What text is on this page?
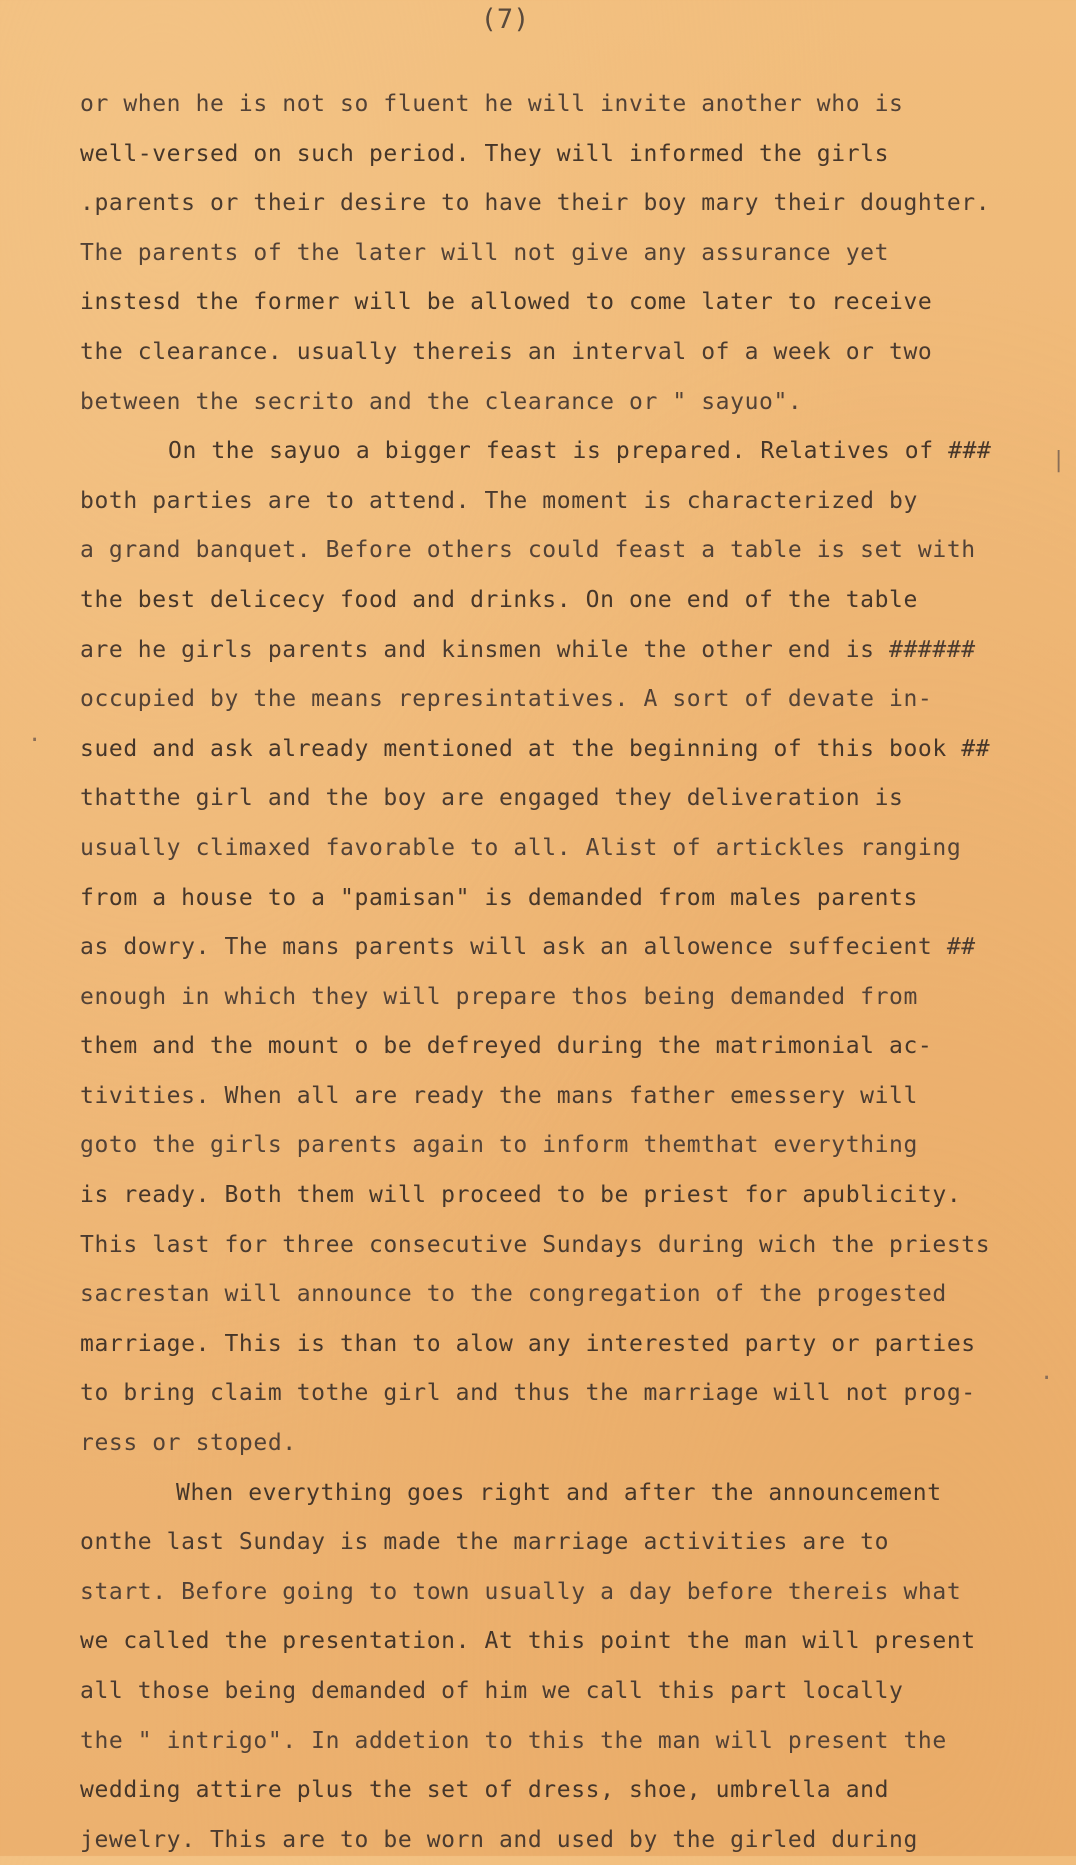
(7)
or when he is not so fluent he will invite another who is
well-versed on such period. They will informed the girls
.parents or their desire to have their boy mary their doughter.
The parents of the later will not give any assurance yet
instesd the former will be allowed to come later to receive
the clearance. usually thereis an interval of a week or two
between the secrito and the clearance or " sayuo".
On the sayuo a bigger feast is prepared. Relatives of ###
both parties are to attend. The moment is characterized by
a grand banquet. Before others could feast a table is set with
the best delicecy food and drinks. On one end of the table
are he girls parents and kinsmen while the other end is ######
occupied by the means represintatives. A sort of devate in-
sued and ask already mentioned at the beginning of this book ##
thatthe girl and the boy are engaged they deliveration is
usually climaxed favorable to all. Alist of artickles ranging
from a house to a "pamisan" is demanded from males parents
as dowry. The mans parents will ask an allowence suffecient ##
enough in which they will prepare thos being demanded from
them and the mount o be defreyed during the matrimonial ac-
tivities. When all are ready the mans father emessery will
goto the girls parents again to inform themthat everything
is ready. Both them will proceed to be priest for apublicity.
This last for three consecutive Sundays during wich the priests
sacrestan will announce to the congregation of the progested
marriage. This is than to alow any interested party or parties
to bring claim tothe girl and thus the marriage will not prog-
ress or stoped.
When everything goes right and after the announcement
onthe last Sunday is made the marriage activities are to
start. Before going to town usually a day before thereis what
we called the presentation. At this point the man will present
all those being demanded of him we call this part locally
the " intrigo". In addetion to this the man will present the
wedding attire plus the set of dress, shoe, umbrella and
jewelry. This are to be worn and used by the girled during
|
·
·
